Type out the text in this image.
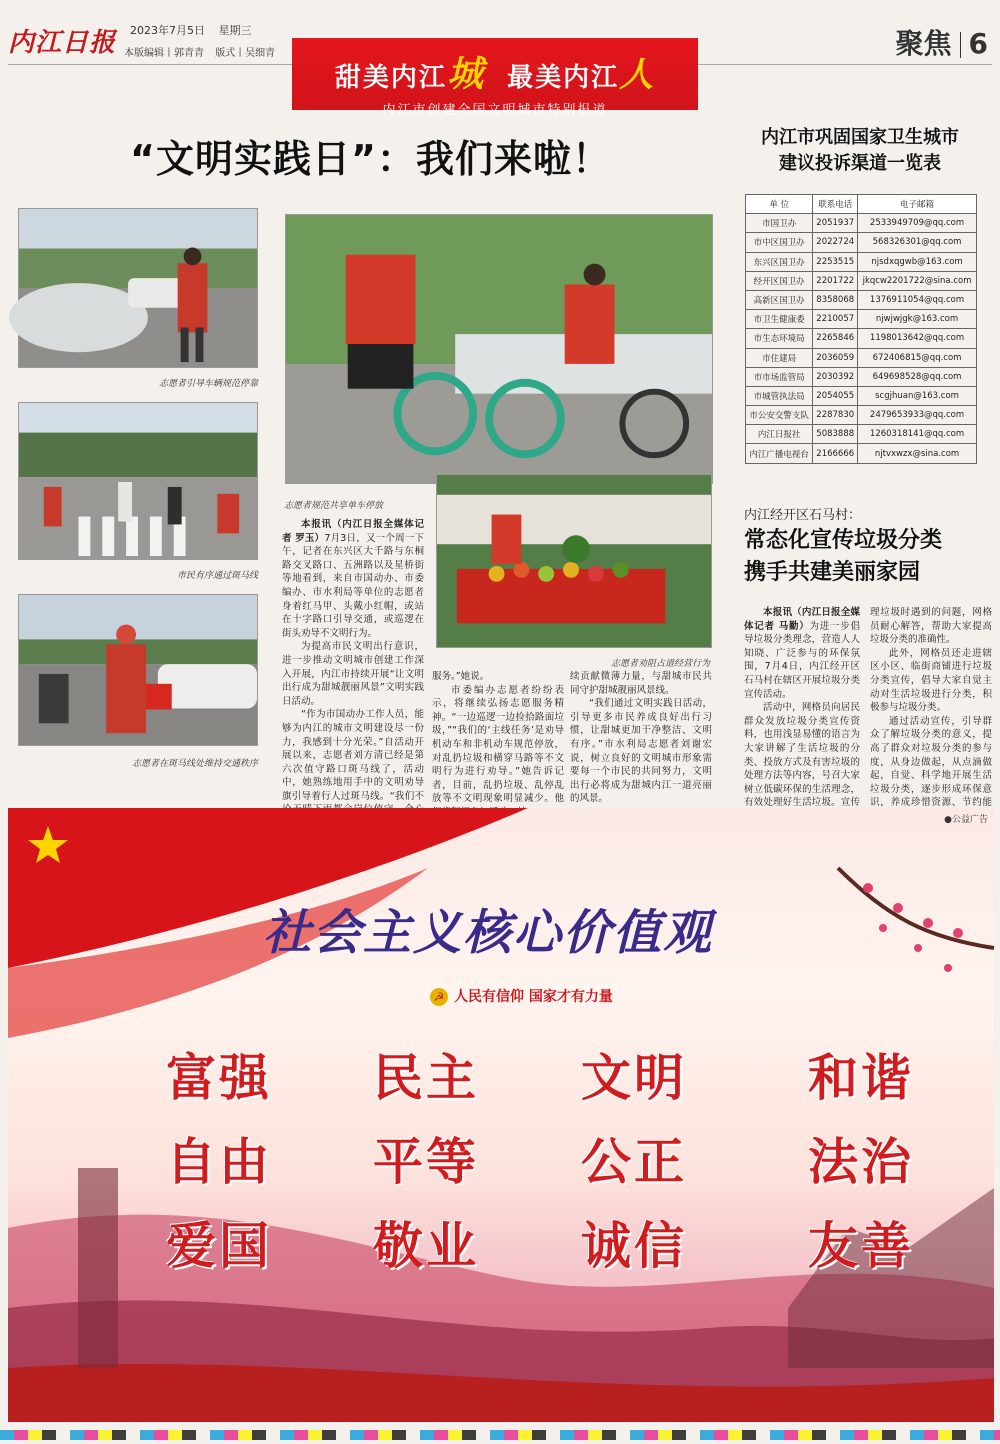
内江日报 2023年7月5日 星期三
本版编辑丨郭青青 版式丨吴细青	聚焦 6
甜美内江城 最美内江人
内江市创建全国文明城市特别报道
“文明实践日”：我们来啦！
志愿者引导车辆规范停靠
市民有序通过斑马线
志愿者在斑马线处维持交通秩序
志愿者规范共享单车停放
志愿者劝阻占道经营行为

本报讯（内江日报全媒体记者 罗玉）7月3日，又一个周一下午，记者在东兴区大千路与东桐路交叉路口、五洲路以及星桥街等地看到，来自市国动办、市委编办、市水利局等单位的志愿者身着红马甲、头戴小红帽，或站在十字路口引导交通，或巡逻在街头劝导不文明行为。

为提高市民文明出行意识，进一步推动文明城市创建工作深入开展，内江市持续开展“让文明出行成为甜城靓丽风景”文明实践日活动。

“作为市国动办工作人员，能够为内江的城市文明建设尽一份力，我感到十分光荣。”自活动开展以来，志愿者刘方清已经是第六次值守路口斑马线了，活动中，她熟练地用手中的文明劝导旗引导着行人过斑马线。“我们不

服务。”她说。

市委编办志愿者纷纷表示，将继续弘扬志愿服务精神。“一边巡逻一边捡拾路面垃圾，”“我们的‘主线任务’是劝导机动车和非机动车规范停放，对乱扔垃圾和横穿马路等不文明行为进行劝导。”她告诉记者，目前，乱扔垃圾、乱停乱放等不文明现象明显减少。他

续贡献微薄力量，与甜城市民共同守护甜城靓丽风景线。

“我们通过文明实践日活动，引导更多市民养成良好出行习惯，让甜城更加干净整洁、文明有序。”市水利局志愿者刘谢宏说，树立良好的文明城市形象需要每一个市民的共同努力，文明出行必将成为甜城内江一道亮丽的风景。

内江市巩固国家卫生城市
建议投诉渠道一览表
单 位	联系电话	电子邮箱
市国卫办	2051937	2533949709@qq.com
市中区国卫办	2022724	568326301@qq.com
东兴区国卫办	2253515	njsdxqgwb@163.com
经开区国卫办	2201722	jkqcw2201722@sina.com
高新区国卫办	8358068	1376911054@qq.com
市卫生健康委	2210057	njwjwjgk@163.com
市生态环境局	2265846	1198013642@qq.com
市住建局	2036059	672406815@qq.com
市市场监管局	2030392	649698528@qq.com
市城管执法局	2054055	scgjhuan@163.com
市公安交警支队	2287830	2479653933@qq.com
内江日报社	5083888	1260318141@qq.com
内江广播电视台	2166666	njtvxwzx@sina.com
内江经开区石马村：
常态化宣传垃圾分类
携手共建美丽家园

本报讯（内江日报全媒体记者 马勤）为进一步倡导垃圾分类理念，营造人人知晓、广泛参与的环保氛围，7月4日，内江经开区石马村在辖区开展垃圾分类宣传活动。

活动中，网格员向居民群众发放垃圾分类宣传资料，也用浅显易懂的语言为大家讲解了生活垃圾的分类、投放方式及有害垃圾的处理方法等内容，号召大家树立低碳环保的生活理念，有效处理好生活垃圾。宣传

理垃圾时遇到的问题，网格员耐心解答，帮助大家提高垃圾分类的准确性。

此外，网格员还走进辖区小区、临街商铺进行垃圾分类宣传，倡导大家自觉主动对生活垃圾进行分类，积极参与垃圾分类。

通过活动宣传，引导群众了解垃圾分类的意义，提高了群众对垃圾分类的参与度，从身边做起，从点滴做起，自觉、科学地开展生活垃圾分类，逐步形成环保意识，养成珍惜资源、节约能

●公益广告
社会主义核心价值观
☭ 人民有信仰 国家才有力量
富强 民主 文明 和谐
自由 平等 公正 法治
爱国 敬业 诚信 友善
